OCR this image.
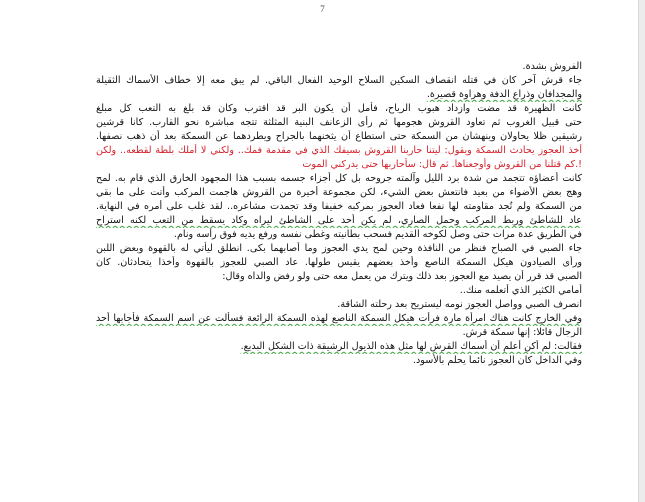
7
الفروش بشدة.
جاء قرش آخر كان في قتله انقصاف السكين السلاح الوحيد الفعال الباقي. لم يبق معه إلا خطاف الأسماك الثقيلة
والمجدافان وذراع الدفة وهراوة قصيرة.
كانت الظهيرة قد مضت وازداد هبوب الرياح، فأمل أن يكون البر قد اقترب وكان قد بلغ به التعب كل مبلغ
حتى قبيل الغروب ثم تعاود القروش هجومها ثم رأى الزعانف البنية المثلثة تتجه مباشرة نحو القارب. كانا قرشين
رشيقين ظلا يحاولان وينهشان من السمكة حتى استطاع أن يثخنهما بالجراح ويطردهما عن السمكة بعد أن ذهب نصفها.
أخذ العجوز يحادث السمكة ويقول: ليتنا حاربنا القروش بسيفك الذي في مقدمة فمك.. ولكني لا أملك بلطة لقطعه.. ولكن
!.كم قتلنا من القروش وأوجعناها. ثم قال: سأحاربها حتى يدركني الموت
كانت أعضاؤه تتجمد من شدة برد الليل وآلمته جروحه بل كل أجزاء جسمه بسبب هذا المجهود الخارق الذي قام به. لمح
وهج بعض الأضواء من بعيد فانتعش بعض الشيء، لكن مجموعة أخيرة من القروش هاجمت المركب وأتت على ما بقي
من السمكة ولم تُجد مقاومته لها نفعا فعاد العجوز بمركبه خفيفا وقد تجمدت مشاعره.. لقد غلب على أمره في النهاية.
عاد للشاطئ وربط المركب وحمل الصاري، لم يكن أحد على الشاطئ ليراه وكاد يسقط من التعب لكنه استراح
في الطريق عدة مرات حتى وصل لكوخه القديم فسحب بطانيته وغطى نفسه ورفع يديه فوق رأسه ونام.
جاء الصبي في الصباح فنظر من النافذة وحين لمح يدي العجوز وما أصابهما بكى. انطلق ليأتي له بالقهوة وبعض اللبن
ورأى الصيادون هيكل السمكة الناصع وأخذ بعضهم يقيس طولها. عاد الصبي للعجوز بالقهوة وأخذا يتحادثان. كان
الصبي قد قرر أن يصيد مع العجوز بعد ذلك ويترك من يعمل معه حتى ولو رفض والداه وقال:
أمامي الكثير الذي أتعلمه منك..
انصرف الصبي وواصل العجوز نومه ليستريح بعد رحلته الشاقة.
وفي الخارج كانت هناك امرأة مارة فرأت هيكل السمكة الناصع لهذه السمكة الرائعة فسألت عن اسم السمكة فأجابها أحد
الرجال قائلا: إنها سمكة قرش.
فقالت: لم أكن أعلم أن أسماك القرش لها مثل هذه الذيول الرشيقة ذات الشكل البديع.
وفي الداخل كان العجوز نائما يحلم بالأسود.
